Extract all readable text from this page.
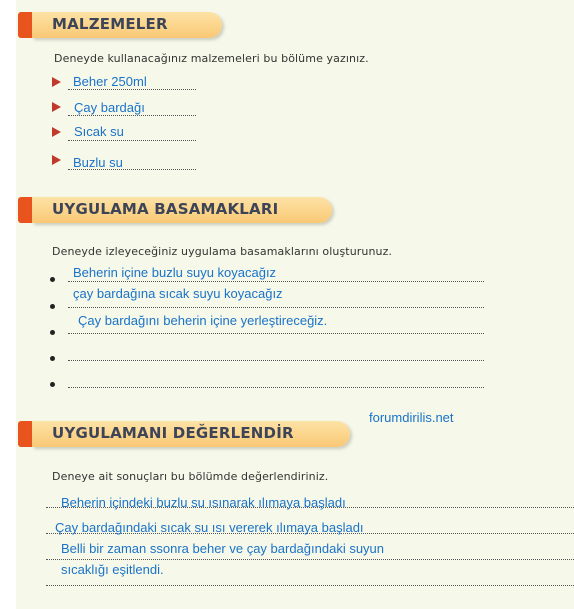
MALZEMELER
Deneyde kullanacağınız malzemeleri bu bölüme yazınız.
Beher 250ml
Çay bardağı
Sıcak su
Buzlu su
UYGULAMA BASAMAKLARI
Deneyde izleyeceğiniz uygulama basamaklarını oluşturunuz.
Beherin içine buzlu suyu koyacağız
çay bardağına sıcak suyu koyacağız
Çay bardağını beherin içine yerleştireceğiz.
forumdirilis.net
UYGULAMANI DEĞERLENDİR
Deneye ait sonuçları bu bölümde değerlendiriniz.
Beherin içindeki buzlu su ısınarak ılımaya başladı
Çay bardağındaki sıcak su ısı vererek ılımaya başladı
Belli bir zaman ssonra beher ve çay bardağındaki suyun
sıcaklığı eşitlendi.
